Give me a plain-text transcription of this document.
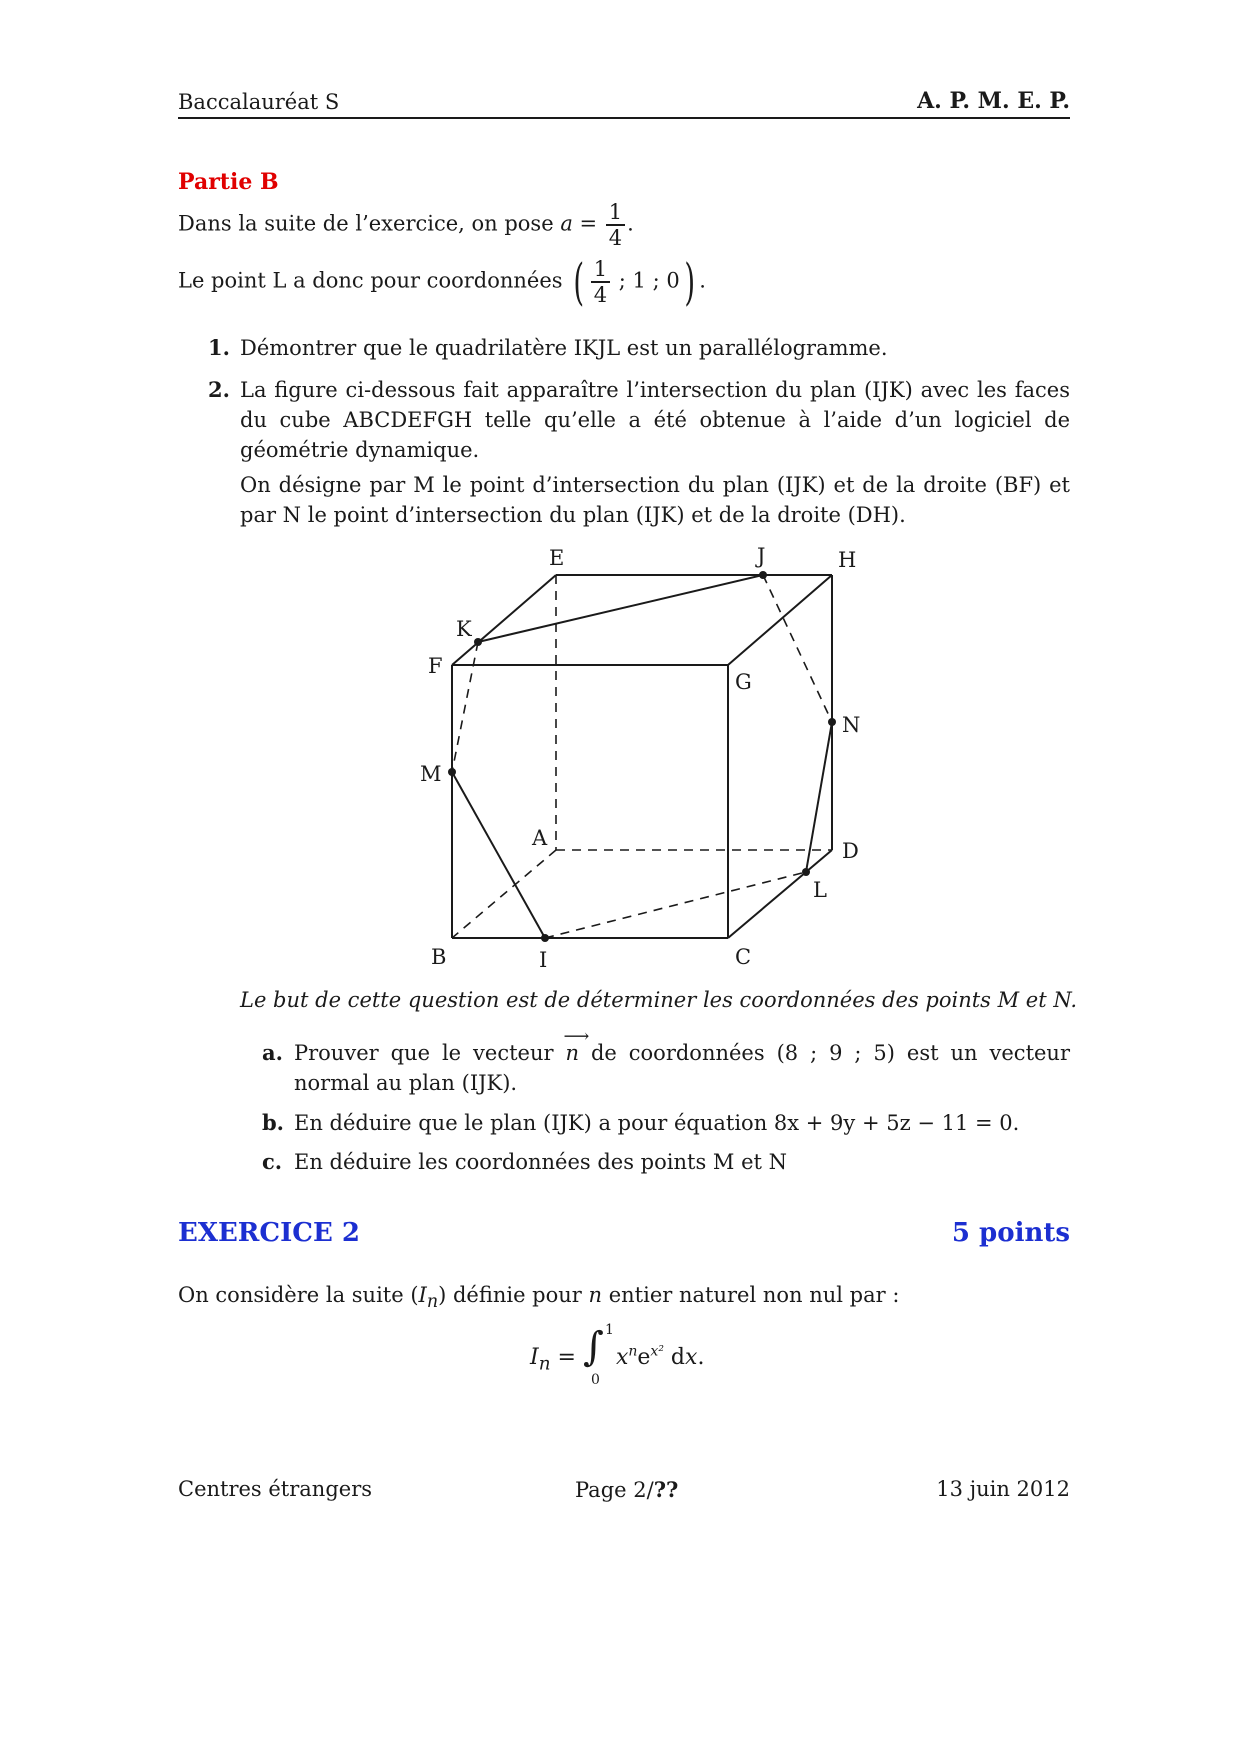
Baccalauréat S	A. P. M. E. P.
Partie B
Dans la suite de l’exercice, on pose $a = \frac{1}{4}$ .
Le point L a donc pour coordonnées ( $\frac{1}{4}$ ; 1 ; 0) .
1. Démontrer que le quadrilatère IKJL est un parallélogramme.
2. La figure ci-dessous fait apparaître l’intersection du plan (IJK) avec les faces du cube ABCDEFGH telle qu’elle a été obtenue à l’aide d’un logiciel de géométrie dynamique.
On désigne par M le point d’intersection du plan (IJK) et de la droite (BF) et par N le point d’intersection du plan (IJK) et de la droite (DH).
E	J	H
K
F
G
N
M
A
D
L
B	I	C
Le but de cette question est de déterminer les coordonnées des points M et N.
a. Prouver que le vecteur
⟶
n de coordonnées (8 ; 9 ; 5) est un vecteur normal au plan (IJK).
b. En déduire que le plan (IJK) a pour équation 8x + 9y + 5z − 11 = 0.
c. En déduire les coordonnées des points M et N
EXERCICE 2	5 points
On considère la suite $(I_n)$ définie pour n entier naturel non nul par :
$I_n$ = ∫ 1
0
$x^ne^{x^2}$ dx.
Centres étrangers	Page 2/??	13 juin 2012
